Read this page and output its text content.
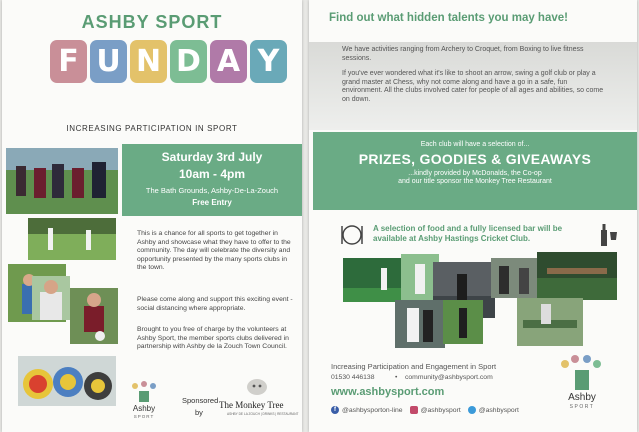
ASHBY SPORT
F U N D A Y
INCREASING PARTICIPATION IN SPORT
Saturday 3rd July
10am - 4pm
The Bath Grounds, Ashby-De-La-Zouch
Free Entry

This is a chance for all sports to get together in Ashby and showcase what they have to offer to the community. The day will celebrate the diversity and opportunity presented by the many sports clubs in the town.

Please come along and support this exciting event - social distancing where appropriate.

Brought to you free of charge by the volunteers at Ashby Sport, the member sports clubs delivered in partnership with Ashby de la Zouch Town Council.

Ashby
SPORT
Sponsored
by
The Monkey Tree
ASHBY DE LA ZOUCH | DRINKS | RESTAURANT
Find out what hidden talents you may have!

We have activities ranging from Archery to Croquet, from Boxing to live fitness sessions.

If you've ever wondered what it's like to shoot an arrow, swing a golf club or play a grand master at Chess, why not come along and have a go in a safe, fun environment. All the clubs involved cater for people of all ages and abilities, so come on down.

Each club will have a selection of...
PRIZES, GOODIES & GIVEAWAYS
...kindly provided by McDonalds, the Co-op
and our title sponsor the Monkey Tree Restaurant
A selection of food and a fully licensed bar will be available at Ashby Hastings Cricket Club.
Increasing Participation and Engagement in Sport
01530 446138	• community@ashbysport.com
www.ashbysport.com
f @ashbysporton-line	@ashbysport	@ashbysport
Ashby
SPORT
